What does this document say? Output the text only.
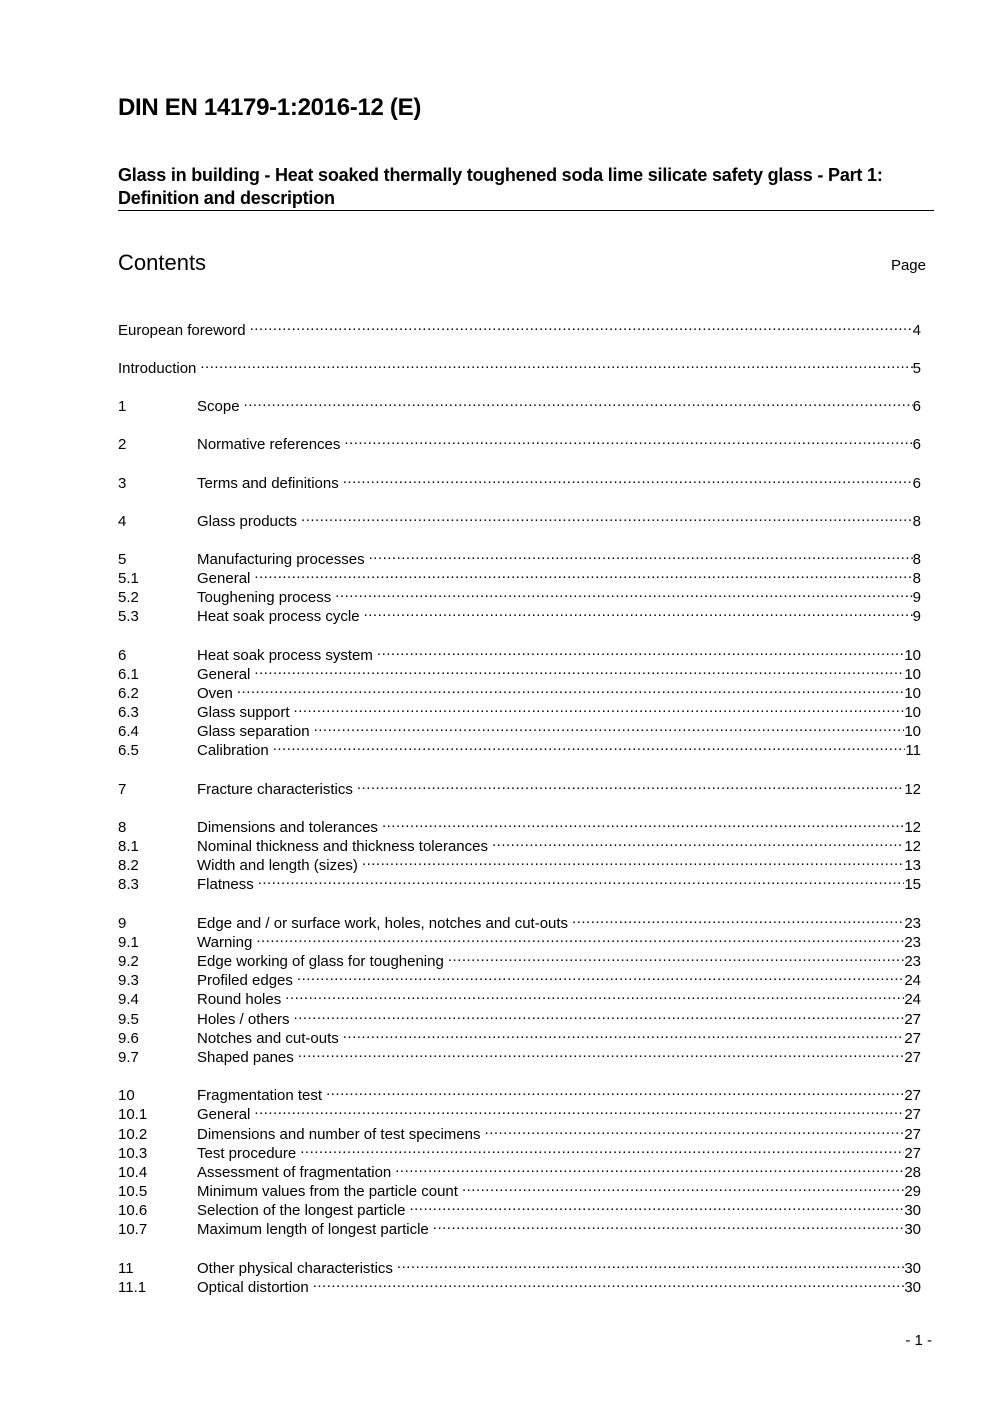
DIN EN 14179-1:2016-12 (E)
Glass in building - Heat soaked thermally toughened soda lime silicate safety glass - Part 1: Definition and description
Contents	Page
European foreword .....	4
Introduction .....	5
1	Scope .....	6
2	Normative references .....	6
3	Terms and definitions .....	6
4	Glass products .....	8
5	Manufacturing processes .....	8
5.1	General .....	8
5.2	Toughening process .....	9
5.3	Heat soak process cycle .....	9
6	Heat soak process system .....	10
6.1	General .....	10
6.2	Oven .....	10
6.3	Glass support .....	10
6.4	Glass separation .....	10
6.5	Calibration .....	11
7	Fracture characteristics .....	12
8	Dimensions and tolerances .....	12
8.1	Nominal thickness and thickness tolerances .....	12
8.2	Width and length (sizes) .....	13
8.3	Flatness .....	15
9	Edge and / or surface work, holes, notches and cut-outs .....	23
9.1	Warning .....	23
9.2	Edge working of glass for toughening .....	23
9.3	Profiled edges .....	24
9.4	Round holes .....	24
9.5	Holes / others .....	27
9.6	Notches and cut-outs .....	27
9.7	Shaped panes .....	27
10	Fragmentation test .....	27
10.1	General .....	27
10.2	Dimensions and number of test specimens .....	27
10.3	Test procedure .....	27
10.4	Assessment of fragmentation .....	28
10.5	Minimum values from the particle count .....	29
10.6	Selection of the longest particle .....	30
10.7	Maximum length of longest particle .....	30
11	Other physical characteristics .....	30
11.1	Optical distortion .....	30
- 1 -
